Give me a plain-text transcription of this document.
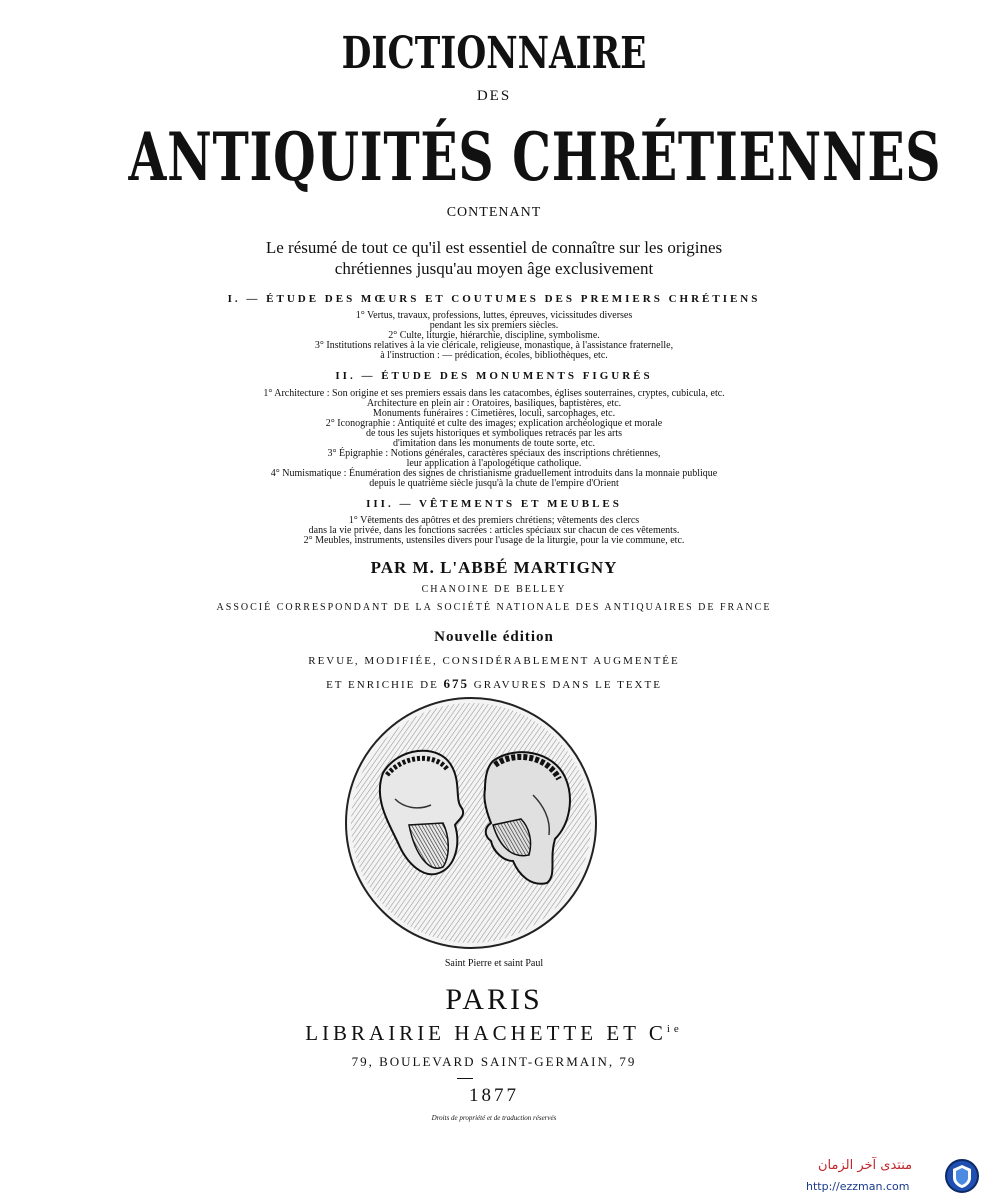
DICTIONNAIRE
DES
ANTIQUITÉS CHRÉTIENNES
CONTENANT
Le résumé de tout ce qu'il est essentiel de connaître sur les origines
chrétiennes jusqu'au moyen âge exclusivement
I. — ÉTUDE DES MŒURS ET COUTUMES DES PREMIERS CHRÉTIENS
1° Vertus, travaux, professions, luttes, épreuves, vicissitudes diverses
pendant les six premiers siècles.
2° Culte, liturgie, hiérarchie, discipline, symbolisme.
3° Institutions relatives à la vie cléricale, religieuse, monastique, à l'assistance fraternelle,
à l'instruction : — prédication, écoles, bibliothèques, etc.
II. — ÉTUDE DES MONUMENTS FIGURÉS
1° Architecture : Son origine et ses premiers essais dans les catacombes, églises souterraines, cryptes, cubicula, etc.
Architecture en plein air : Oratoires, basiliques, baptistères, etc.
Monuments funéraires : Cimetières, loculi, sarcophages, etc.
2° Iconographie : Antiquité et culte des images; explication archéologique et morale
de tous les sujets historiques et symboliques retracés par les arts
d'imitation dans les monuments de toute sorte, etc.
3° Épigraphie : Notions générales, caractères spéciaux des inscriptions chrétiennes,
leur application à l'apologétique catholique.
4° Numismatique : Énumération des signes de christianisme graduellement introduits dans la monnaie publique
depuis le quatrième siècle jusqu'à la chute de l'empire d'Orient
III. — VÊTEMENTS ET MEUBLES
1° Vêtements des apôtres et des premiers chrétiens; vêtements des clercs
dans la vie privée, dans les fonctions sacrées : articles spéciaux sur chacun de ces vêtements.
2° Meubles, instruments, ustensiles divers pour l'usage de la liturgie, pour la vie commune, etc.
PAR M. L'ABBÉ MARTIGNY
CHANOINE DE BELLEY
ASSOCIÉ CORRESPONDANT DE LA SOCIÉTÉ NATIONALE DES ANTIQUAIRES DE FRANCE
Nouvelle édition
REVUE, MODIFIÉE, CONSIDÉRABLEMENT AUGMENTÉE
ET ENRICHIE DE 675 GRAVURES DANS LE TEXTE
Saint Pierre et saint Paul
PARIS
LIBRAIRIE HACHETTE ET $C^{ie}$
79, BOULEVARD SAINT-GERMAIN, 79
1877
Droits de propriété et de traduction réservés
منتدى آخر الزمان
http://ezzman.com
